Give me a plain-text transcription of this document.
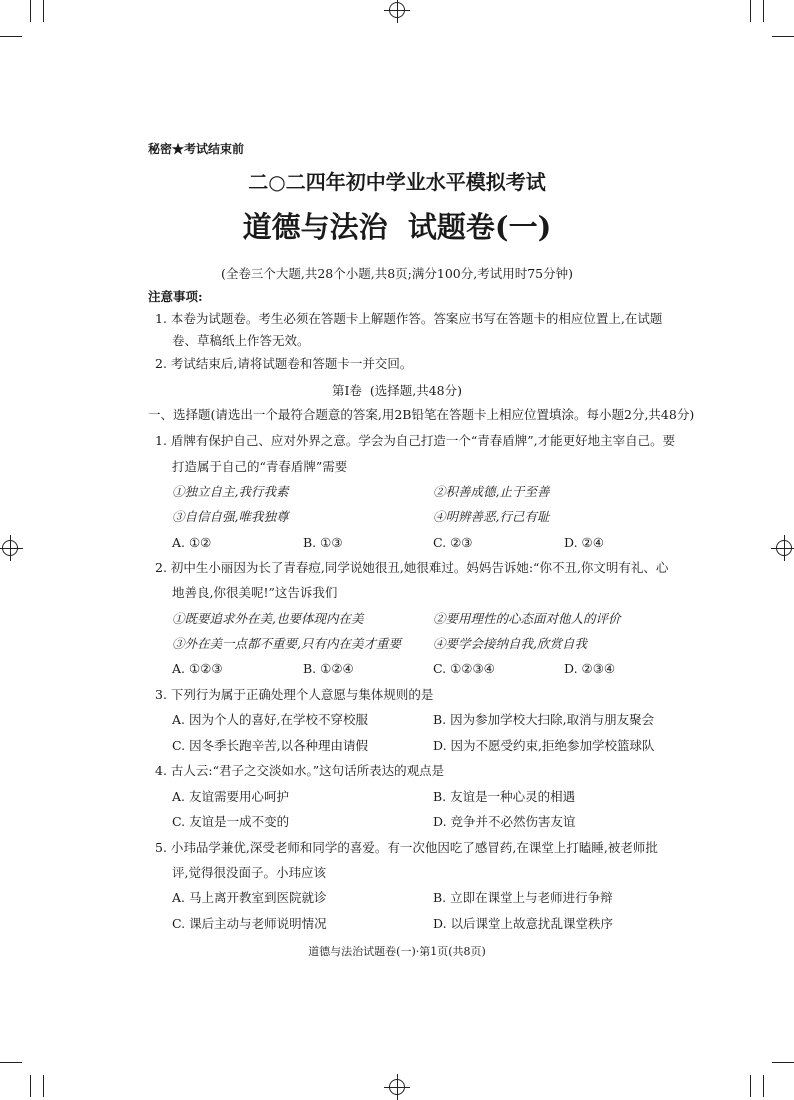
秘密★考试结束前
二○二四年初中学业水平模拟考试
道德与法治  试题卷(一)
(全卷三个大题,共28个小题,共8页;满分100分,考试用时75分钟)
注意事项:
1. 本卷为试题卷。考生必须在答题卡上解题作答。答案应书写在答题卡的相应位置上,在试题
卷、草稿纸上作答无效。
2. 考试结束后,请将试题卷和答题卡一并交回。
第Ⅰ卷  (选择题,共48分)
一、选择题(请选出一个最符合题意的答案,用2B铅笔在答题卡上相应位置填涂。每小题2分,共48分)
1. 盾牌有保护自己、应对外界之意。学会为自己打造一个“青春盾牌”,才能更好地主宰自己。要
打造属于自己的“青春盾牌”需要
①独立自主,我行我素	②积善成德,止于至善
③自信自强,唯我独尊	④明辨善恶,行己有耻
A. ①②	B. ①③	C. ②③	D. ②④
2. 初中生小丽因为长了青春痘,同学说她很丑,她很难过。妈妈告诉她:“你不丑,你文明有礼、心
地善良,你很美呢!”这告诉我们
①既要追求外在美,也要体现内在美	②要用理性的心态面对他人的评价
③外在美一点都不重要,只有内在美才重要	④要学会接纳自我,欣赏自我
A. ①②③	B. ①②④	C. ①②③④	D. ②③④
3. 下列行为属于正确处理个人意愿与集体规则的是
A. 因为个人的喜好,在学校不穿校服	B. 因为参加学校大扫除,取消与朋友聚会
C. 因冬季长跑辛苦,以各种理由请假	D. 因为不愿受约束,拒绝参加学校篮球队
4. 古人云:“君子之交淡如水。”这句话所表达的观点是
A. 友谊需要用心呵护	B. 友谊是一种心灵的相遇
C. 友谊是一成不变的	D. 竞争并不必然伤害友谊
5. 小玮品学兼优,深受老师和同学的喜爱。有一次他因吃了感冒药,在课堂上打瞌睡,被老师批
评,觉得很没面子。小玮应该
A. 马上离开教室到医院就诊	B. 立即在课堂上与老师进行争辩
C. 课后主动与老师说明情况	D. 以后课堂上故意扰乱课堂秩序
道德与法治试题卷(一)·第1页(共8页)
